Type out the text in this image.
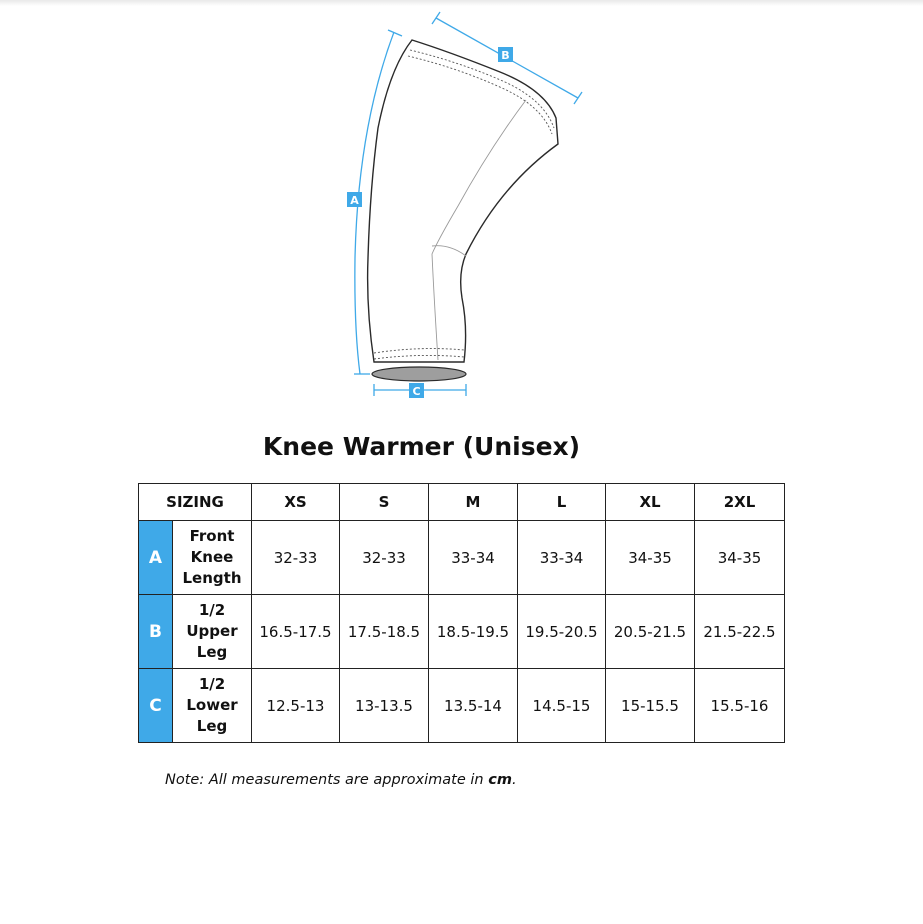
A
B
C
Knee Warmer (Unisex)
SIZING		XS	S	M	L	XL	2XL
A	Front
Knee
Length	32-33	32-33	33-34	33-34	34-35	34-35
B	1/2
Upper
Leg	16.5-17.5	17.5-18.5	18.5-19.5	19.5-20.5	20.5-21.5	21.5-22.5
C	1/2
Lower
Leg	12.5-13	13-13.5	13.5-14	14.5-15	15-15.5	15.5-16
Note: All measurements are approximate in cm.
